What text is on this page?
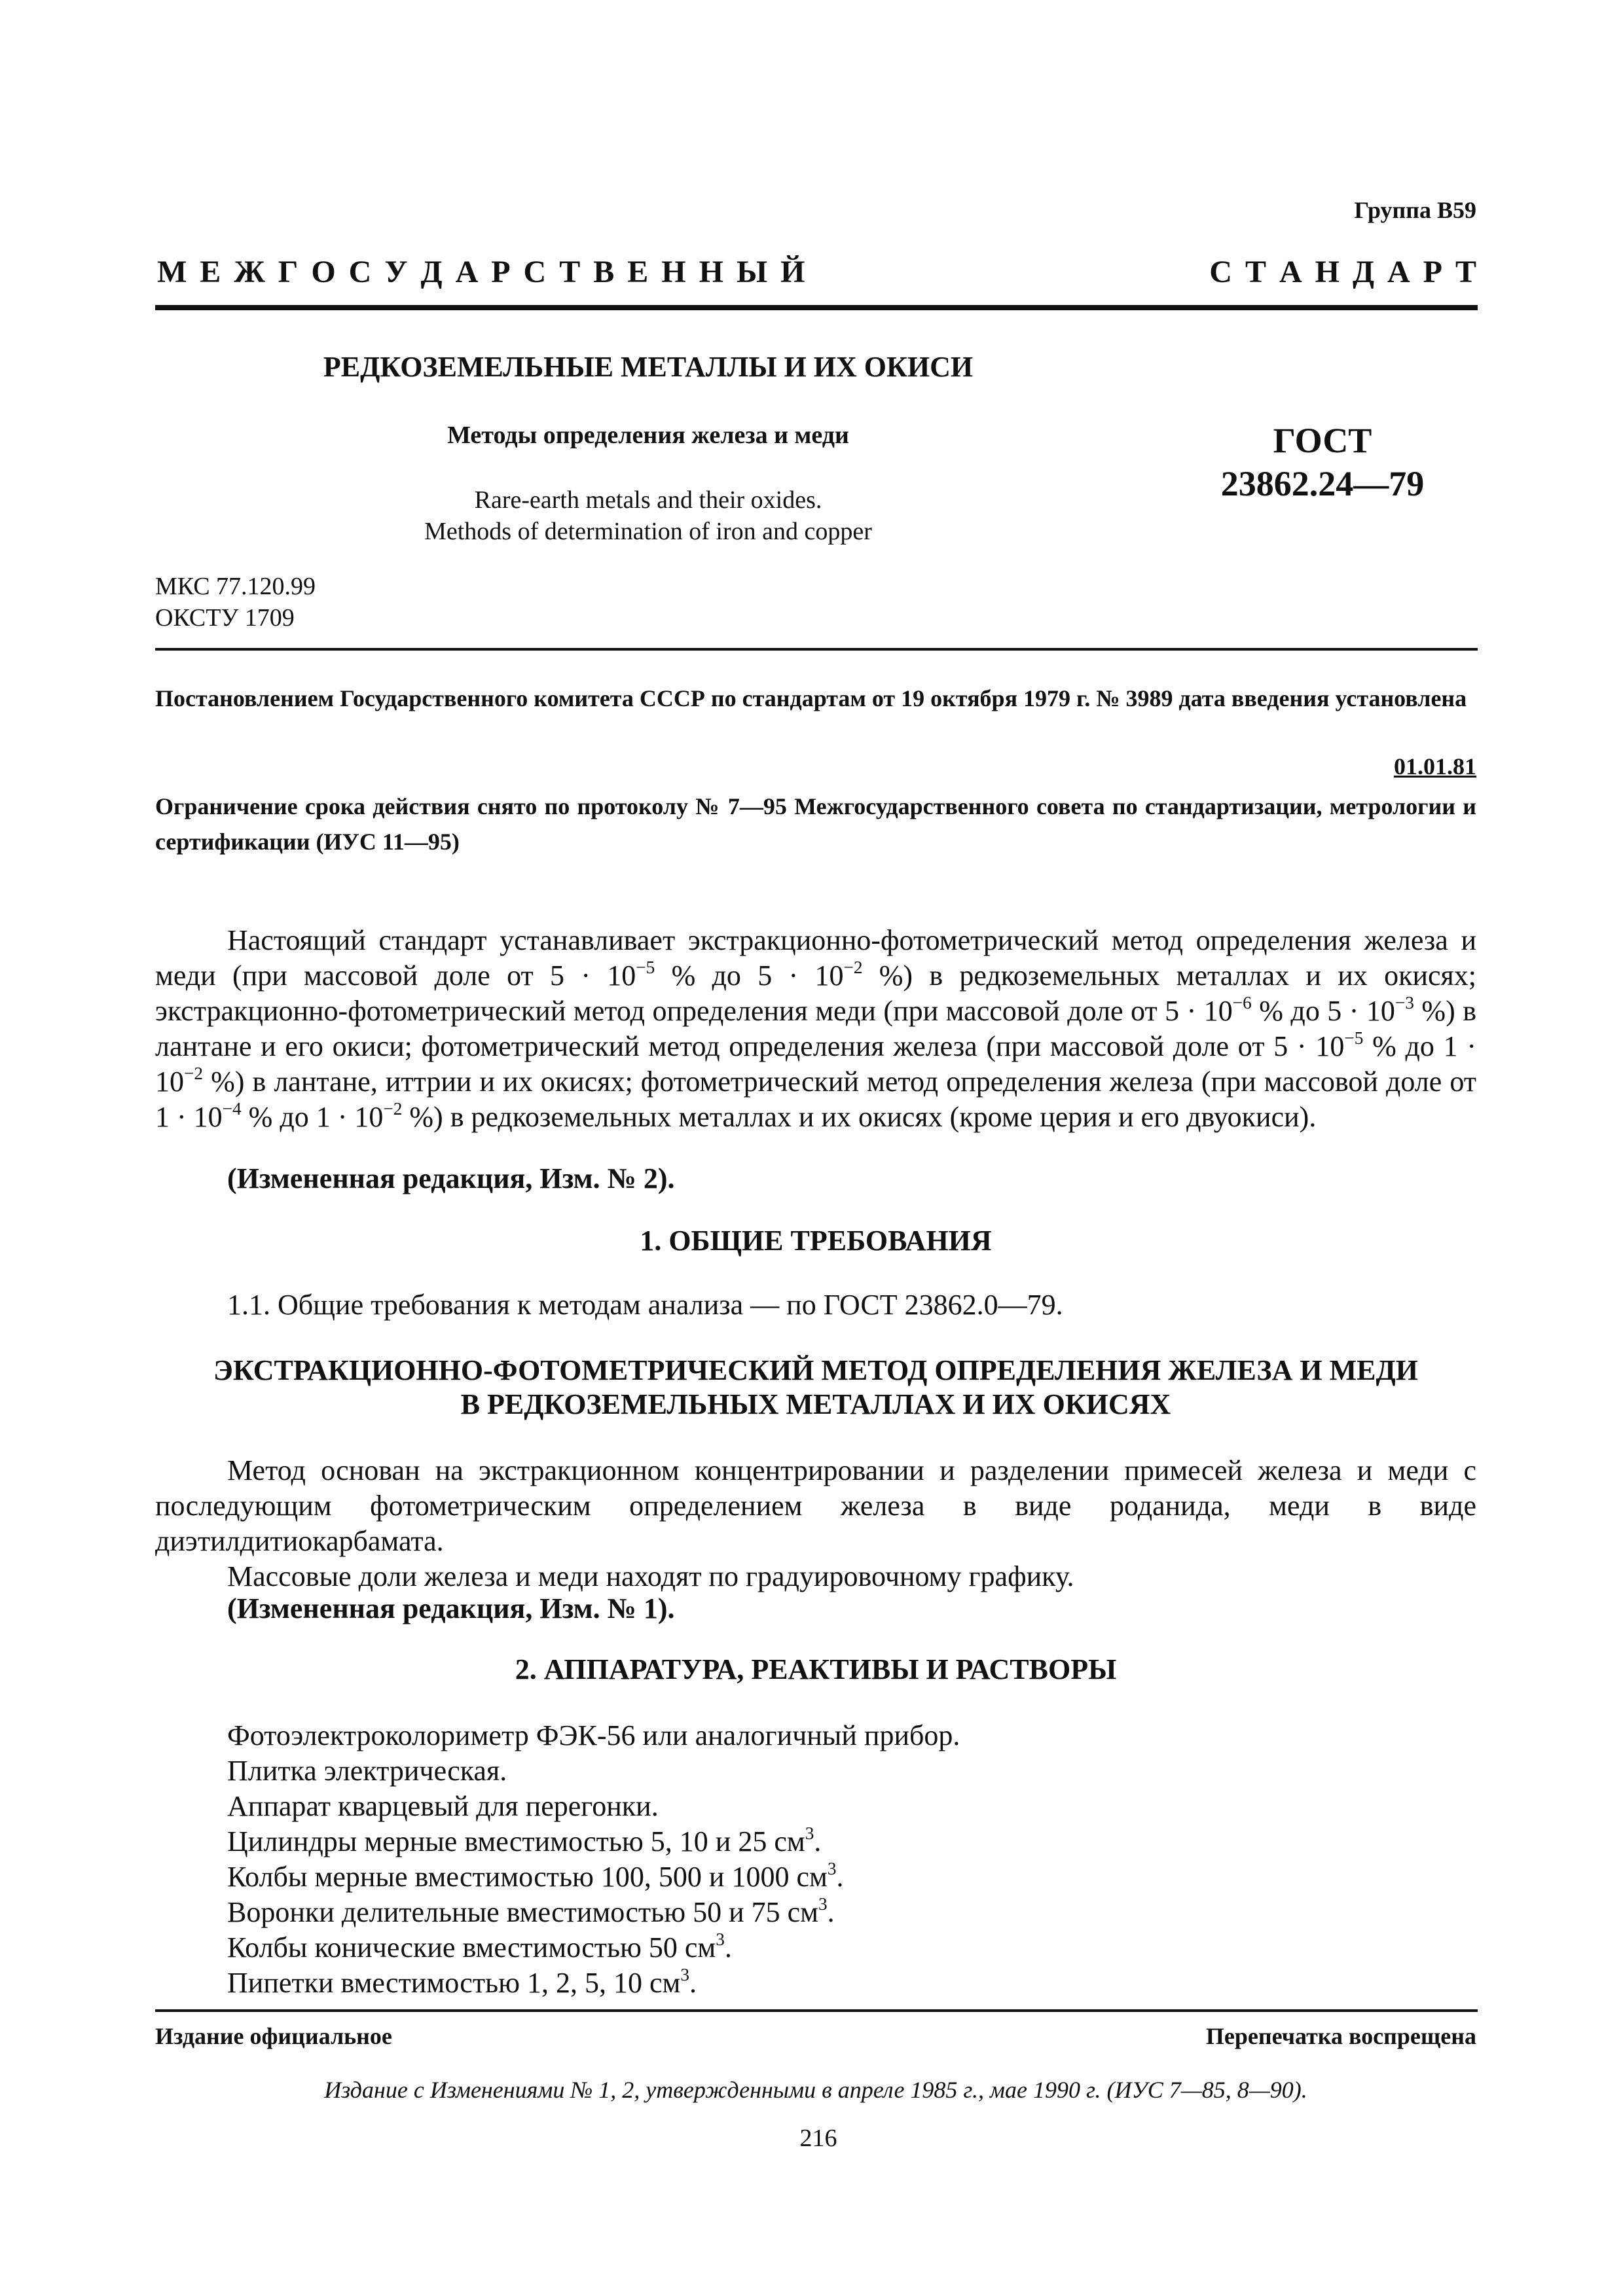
Группа В59
М Е Ж Г О С У Д А Р С Т В Е Н Н Ы Й	С Т А Н Д А Р Т
РЕДКОЗЕМЕЛЬНЫЕ МЕТАЛЛЫ И ИХ ОКИСИ
Методы определения железа и меди
Rare-earth metals and their oxides.
Methods of determination of iron and copper
ГОСТ
23862.24—79
МКС 77.120.99
ОКСТУ 1709
Постановлением Государственного комитета СССР по стандартам от 19 октября 1979 г. № 3989 дата введения установлена
01.01.81
Ограничение срока действия снято по протоколу № 7—95 Межгосударственного совета по стандартизации, метрологии и сертификации (ИУС 11—95)
Настоящий стандарт устанавливает экстракционно-фотометрический метод определения железа и меди (при массовой доле от $5 \cdot 10^{-5}$ % до $5 \cdot 10^{-2}$ %) в редкоземельных металлах и их окисях; экстракционно-фотометрический метод определения меди (при массовой доле от $5 \cdot 10^{-6}$ % до $5 \cdot 10^{-3}$ %) в лантане и его окиси; фотометрический метод определения железа (при массовой доле от $5 \cdot 10^{-5}$ % до $1 \cdot 10^{-2}$ %) в лантане, иттрии и их окисях; фотометрический метод определения железа (при массовой доле от $1 \cdot 10^{-4}$ % до $1 \cdot 10^{-2}$ %) в редкоземельных металлах и их окисях (кроме церия и его двуокиси).
(Измененная редакция, Изм. № 2).
1. ОБЩИЕ ТРЕБОВАНИЯ
1.1. Общие требования к методам анализа — по ГОСТ 23862.0—79.
ЭКСТРАКЦИОННО-ФОТОМЕТРИЧЕСКИЙ МЕТОД ОПРЕДЕЛЕНИЯ ЖЕЛЕЗА И МЕДИ
В РЕДКОЗЕМЕЛЬНЫХ МЕТАЛЛАХ И ИХ ОКИСЯХ
Метод основан на экстракционном концентрировании и разделении примесей железа и меди с последующим фотометрическим определением железа в виде роданида, меди в виде диэтилдитиокарбамата.
Массовые доли железа и меди находят по градуировочному графику.
(Измененная редакция, Изм. № 1).
2. АППАРАТУРА, РЕАКТИВЫ И РАСТВОРЫ
Фотоэлектроколориметр ФЭК-56 или аналогичный прибор.
Плитка электрическая.
Аппарат кварцевый для перегонки.
Цилиндры мерные вместимостью 5, 10 и 25 $см^3$.
Колбы мерные вместимостью 100, 500 и 1000 $см^3$.
Воронки делительные вместимостью 50 и 75 $см^3$.
Колбы конические вместимостью 50 $см^3$.
Пипетки вместимостью 1, 2, 5, 10 $см^3$.
Издание официальное	Перепечатка воспрещена
Издание с Изменениями № 1, 2, утвержденными в апреле 1985 г., мае 1990 г. (ИУС 7—85, 8—90).
216
